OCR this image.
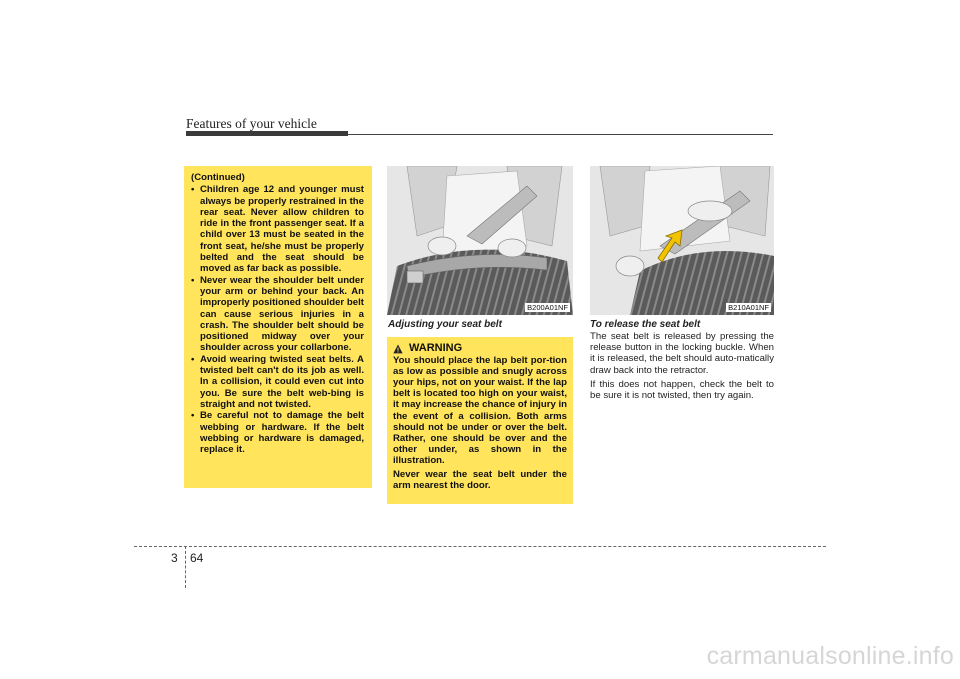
Features of your vehicle
(Continued)
• Children age 12 and younger must always be properly restrained in the rear seat. Never allow children to ride in the front passenger seat. If a child over 13 must be seated in the front seat, he/she must be properly belted and the seat should be moved as far back as possible.
• Never wear the shoulder belt under your arm or behind your back. An improperly positioned shoulder belt can cause serious injuries in a crash. The shoulder belt should be positioned midway over your shoulder across your collarbone.
• Avoid wearing twisted seat belts. A twisted belt can't do its job as well. In a collision, it could even cut into you. Be sure the belt web-bing is straight and not twisted.
• Be careful not to damage the belt webbing or hardware. If the belt webbing or hardware is damaged, replace it.
B200A01NF
Adjusting your seat belt
WARNING

You should place the lap belt por-tion as low as possible and snugly across your hips, not on your waist. If the lap belt is located too high on your waist, it may increase the chance of injury in the event of a collision. Both arms should not be under or over the belt. Rather, one should be over and the other under, as shown in the illustration.

Never wear the seat belt under the arm nearest the door.

B210A01NF
To release the seat belt

The seat belt is released by pressing the release button in the locking buckle. When it is released, the belt should auto-matically draw back into the retractor.

If this does not happen, check the belt to be sure it is not twisted, then try again.

3 64
carmanualsonline.info
